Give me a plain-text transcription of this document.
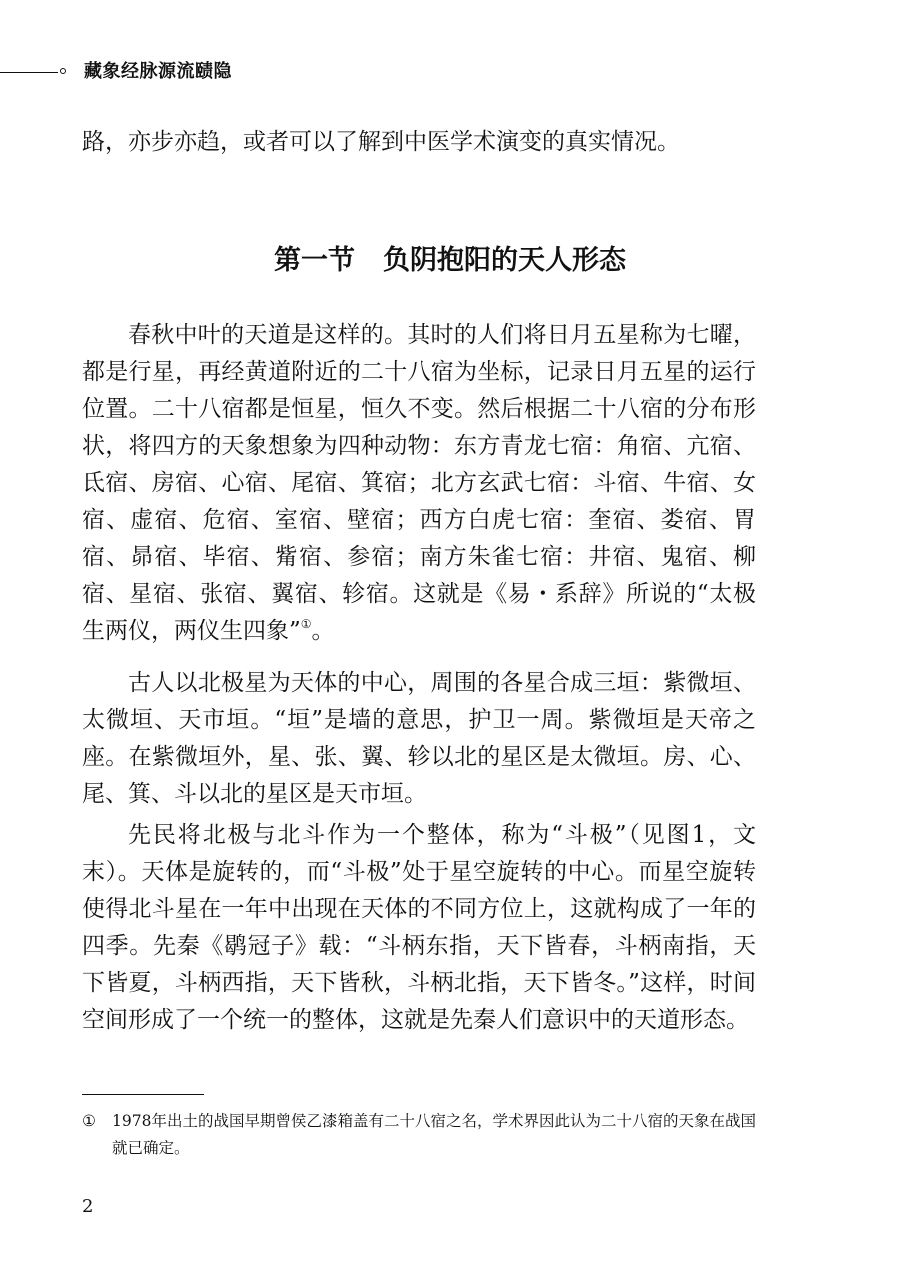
藏象经脉源流赜隐

路，亦步亦趋，或者可以了解到中医学术演变的真实情况。

第一节 负阴抱阳的天人形态

春秋中叶的天道是这样的。其时的人们将日月五星称为七曜，都是行星，再经黄道附近的二十八宿为坐标，记录日月五星的运行位置。二十八宿都是恒星，恒久不变。然后根据二十八宿的分布形状，将四方的天象想象为四种动物：东方青龙七宿：角宿、亢宿、氐宿、房宿、心宿、尾宿、箕宿；北方玄武七宿：斗宿、牛宿、女宿、虚宿、危宿、室宿、壁宿；西方白虎七宿：奎宿、娄宿、胃宿、昴宿、毕宿、觜宿、参宿；南方朱雀七宿：井宿、鬼宿、柳宿、星宿、张宿、翼宿、轸宿。这就是《易・系辞》所说的“太极生两仪，两仪生四象”①。

古人以北极星为天体的中心，周围的各星合成三垣：紫微垣、太微垣、天市垣。“垣”是墙的意思，护卫一周。紫微垣是天帝之座。在紫微垣外，星、张、翼、轸以北的星区是太微垣。房、心、尾、箕、斗以北的星区是天市垣。

先民将北极与北斗作为一个整体，称为“斗极”（见图1，文末）。天体是旋转的，而“斗极”处于星空旋转的中心。而星空旋转使得北斗星在一年中出现在天体的不同方位上，这就构成了一年的四季。先秦《鹖冠子》载：“斗柄东指，天下皆春，斗柄南指，天下皆夏，斗柄西指，天下皆秋，斗柄北指，天下皆冬。”这样，时间空间形成了一个统一的整体，这就是先秦人们意识中的天道形态。

① 1978年出土的战国早期曾侯乙漆箱盖有二十八宿之名，学术界因此认为二十八宿的天象在战国就已确定。
2
